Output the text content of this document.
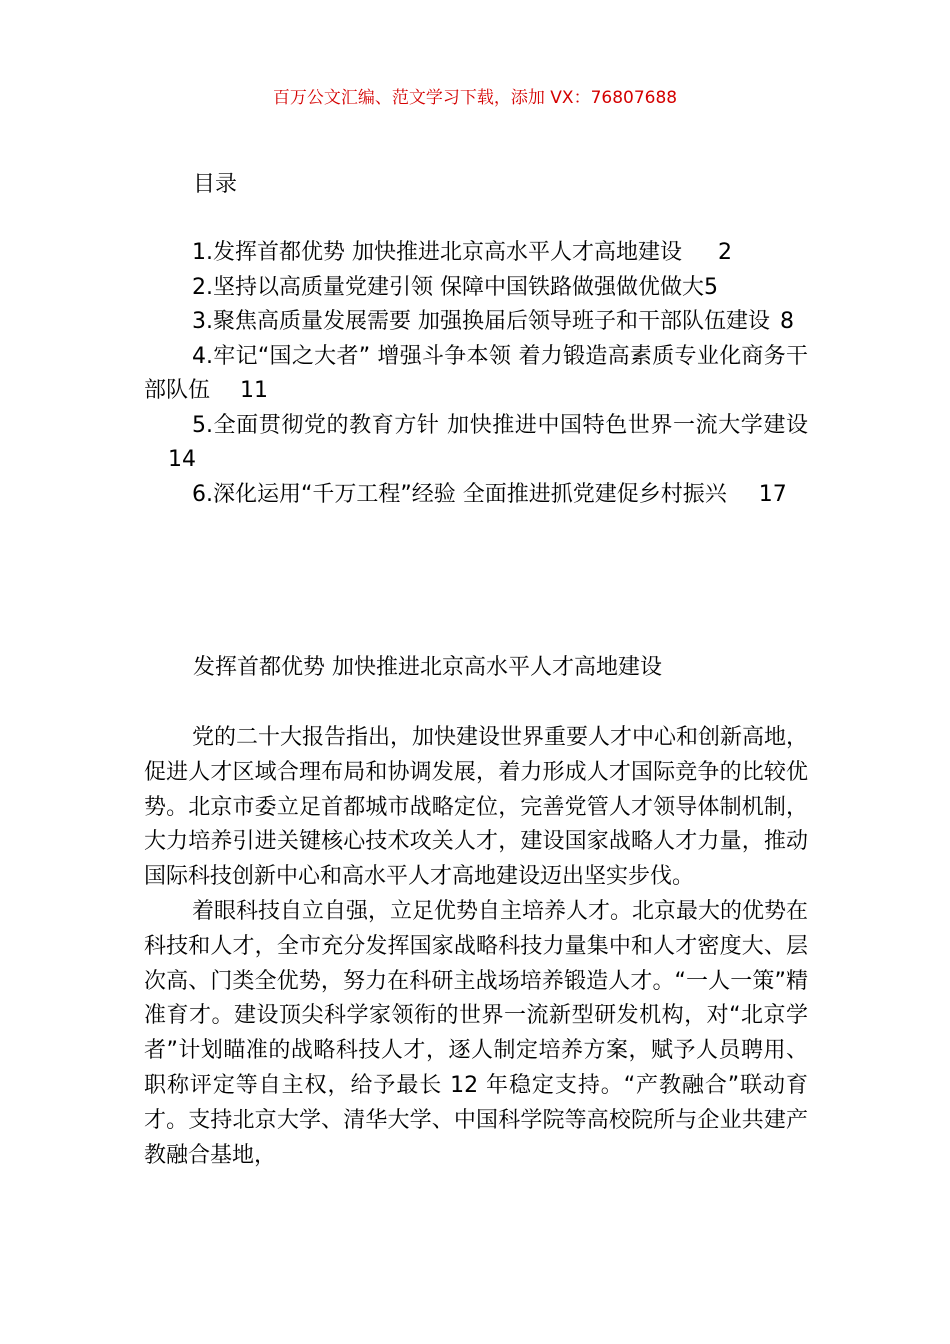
百万公文汇编、范文学习下载，添加 VX：76807688
目录
1.发挥首都优势 加快推进北京高水平人才高地建设 2
2.坚持以高质量党建引领 保障中国铁路做强做优做大5
3.聚焦高质量发展需要 加强换届后领导班子和干部队伍建设 8
4.牢记“国之大者” 增强斗争本领 着力锻造高素质专业化商务干部队伍 11
5.全面贯彻党的教育方针 加快推进中国特色世界一流大学建设14
6.深化运用“千万工程”经验 全面推进抓党建促乡村振兴 17
发挥首都优势 加快推进北京高水平人才高地建设

党的二十大报告指出，加快建设世界重要人才中心和创新高地，促进人才区域合理布局和协调发展，着力形成人才国际竞争的比较优势。北京市委立足首都城市战略定位，完善党管人才领导体制机制，大力培养引进关键核心技术攻关人才，建设国家战略人才力量，推动国际科技创新中心和高水平人才高地建设迈出坚实步伐。

着眼科技自立自强，立足优势自主培养人才。北京最大的优势在科技和人才，全市充分发挥国家战略科技力量集中和人才密度大、层次高、门类全优势，努力在科研主战场培养锻造人才。“一人一策”精准育才。建设顶尖科学家领衔的世界一流新型研发机构，对“北京学者”计划瞄准的战略科技人才，逐人制定培养方案，赋予人员聘用、职称评定等自主权，给予最长 12 年稳定支持。“产教融合”联动育才。支持北京大学、清华大学、中国科学院等高校院所与企业共建产教融合基地，
